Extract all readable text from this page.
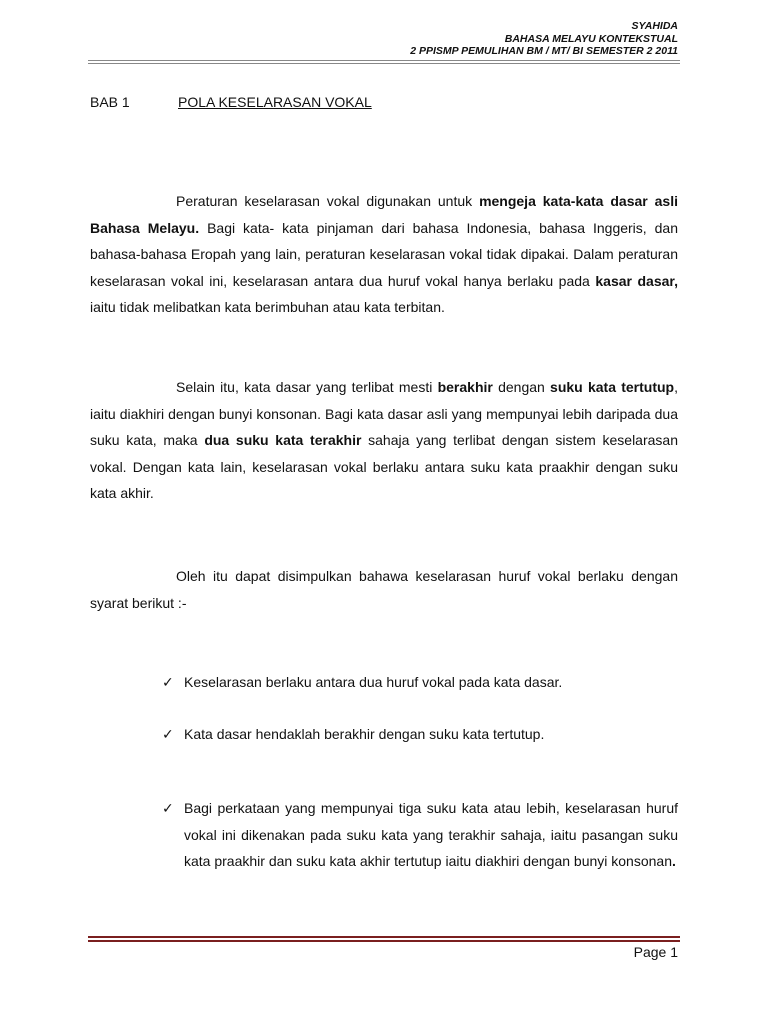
SYAHIDA
BAHASA MELAYU KONTEKSTUAL
2 PPISMP PEMULIHAN BM / MT/ BI SEMESTER 2 2011
BAB 1	POLA KESELARASAN VOKAL

Peraturan keselarasan vokal digunakan untuk mengeja kata-kata dasar asli Bahasa Melayu. Bagi kata- kata pinjaman dari bahasa Indonesia, bahasa Inggeris, dan bahasa-bahasa Eropah yang lain, peraturan keselarasan vokal tidak dipakai. Dalam peraturan keselarasan vokal ini, keselarasan antara dua huruf vokal hanya berlaku pada kasar dasar, iaitu tidak melibatkan kata berimbuhan atau kata terbitan.

Selain itu, kata dasar yang terlibat mesti berakhir dengan suku kata tertutup, iaitu diakhiri dengan bunyi konsonan. Bagi kata dasar asli yang mempunyai lebih daripada dua suku kata, maka dua suku kata terakhir sahaja yang terlibat dengan sistem keselarasan vokal. Dengan kata lain, keselarasan vokal berlaku antara suku kata praakhir dengan suku kata akhir.

Oleh itu dapat disimpulkan bahawa keselarasan huruf vokal berlaku dengan syarat berikut :-

✓ Keselarasan berlaku antara dua huruf vokal pada kata dasar.
✓ Kata dasar hendaklah berakhir dengan suku kata tertutup.
✓ Bagi perkataan yang mempunyai tiga suku kata atau lebih, keselarasan huruf vokal ini dikenakan pada suku kata yang terakhir sahaja, iaitu pasangan suku kata praakhir dan suku kata akhir tertutup iaitu diakhiri dengan bunyi konsonan.
Page 1
